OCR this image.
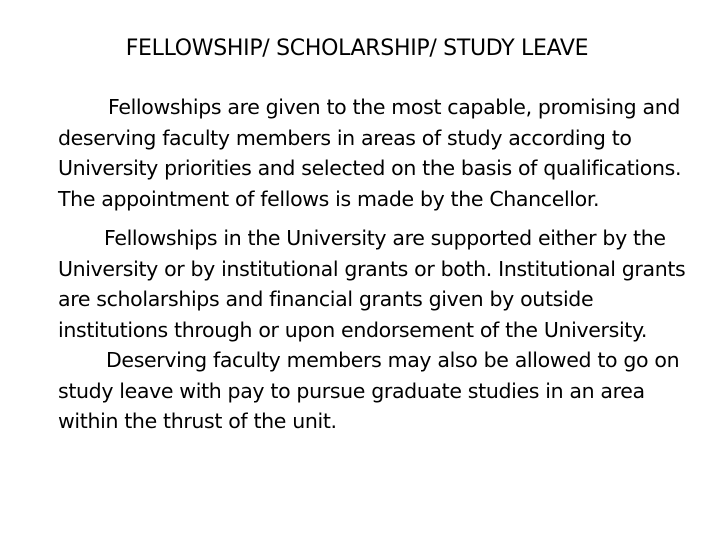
FELLOWSHIP/ SCHOLARSHIP/ STUDY LEAVE

Fellowships are given to the most capable, promising and deserving faculty members in areas of study according to University priorities and selected on the basis of qualifications. The appointment of fellows is made by the Chancellor.

Fellowships in the University are supported either by the University or by institutional grants or both. Institutional grants are scholarships and financial grants given by outside institutions through or upon endorsement of the University.

Deserving faculty members may also be allowed to go on study leave with pay to pursue graduate studies in an area within the thrust of the unit.
